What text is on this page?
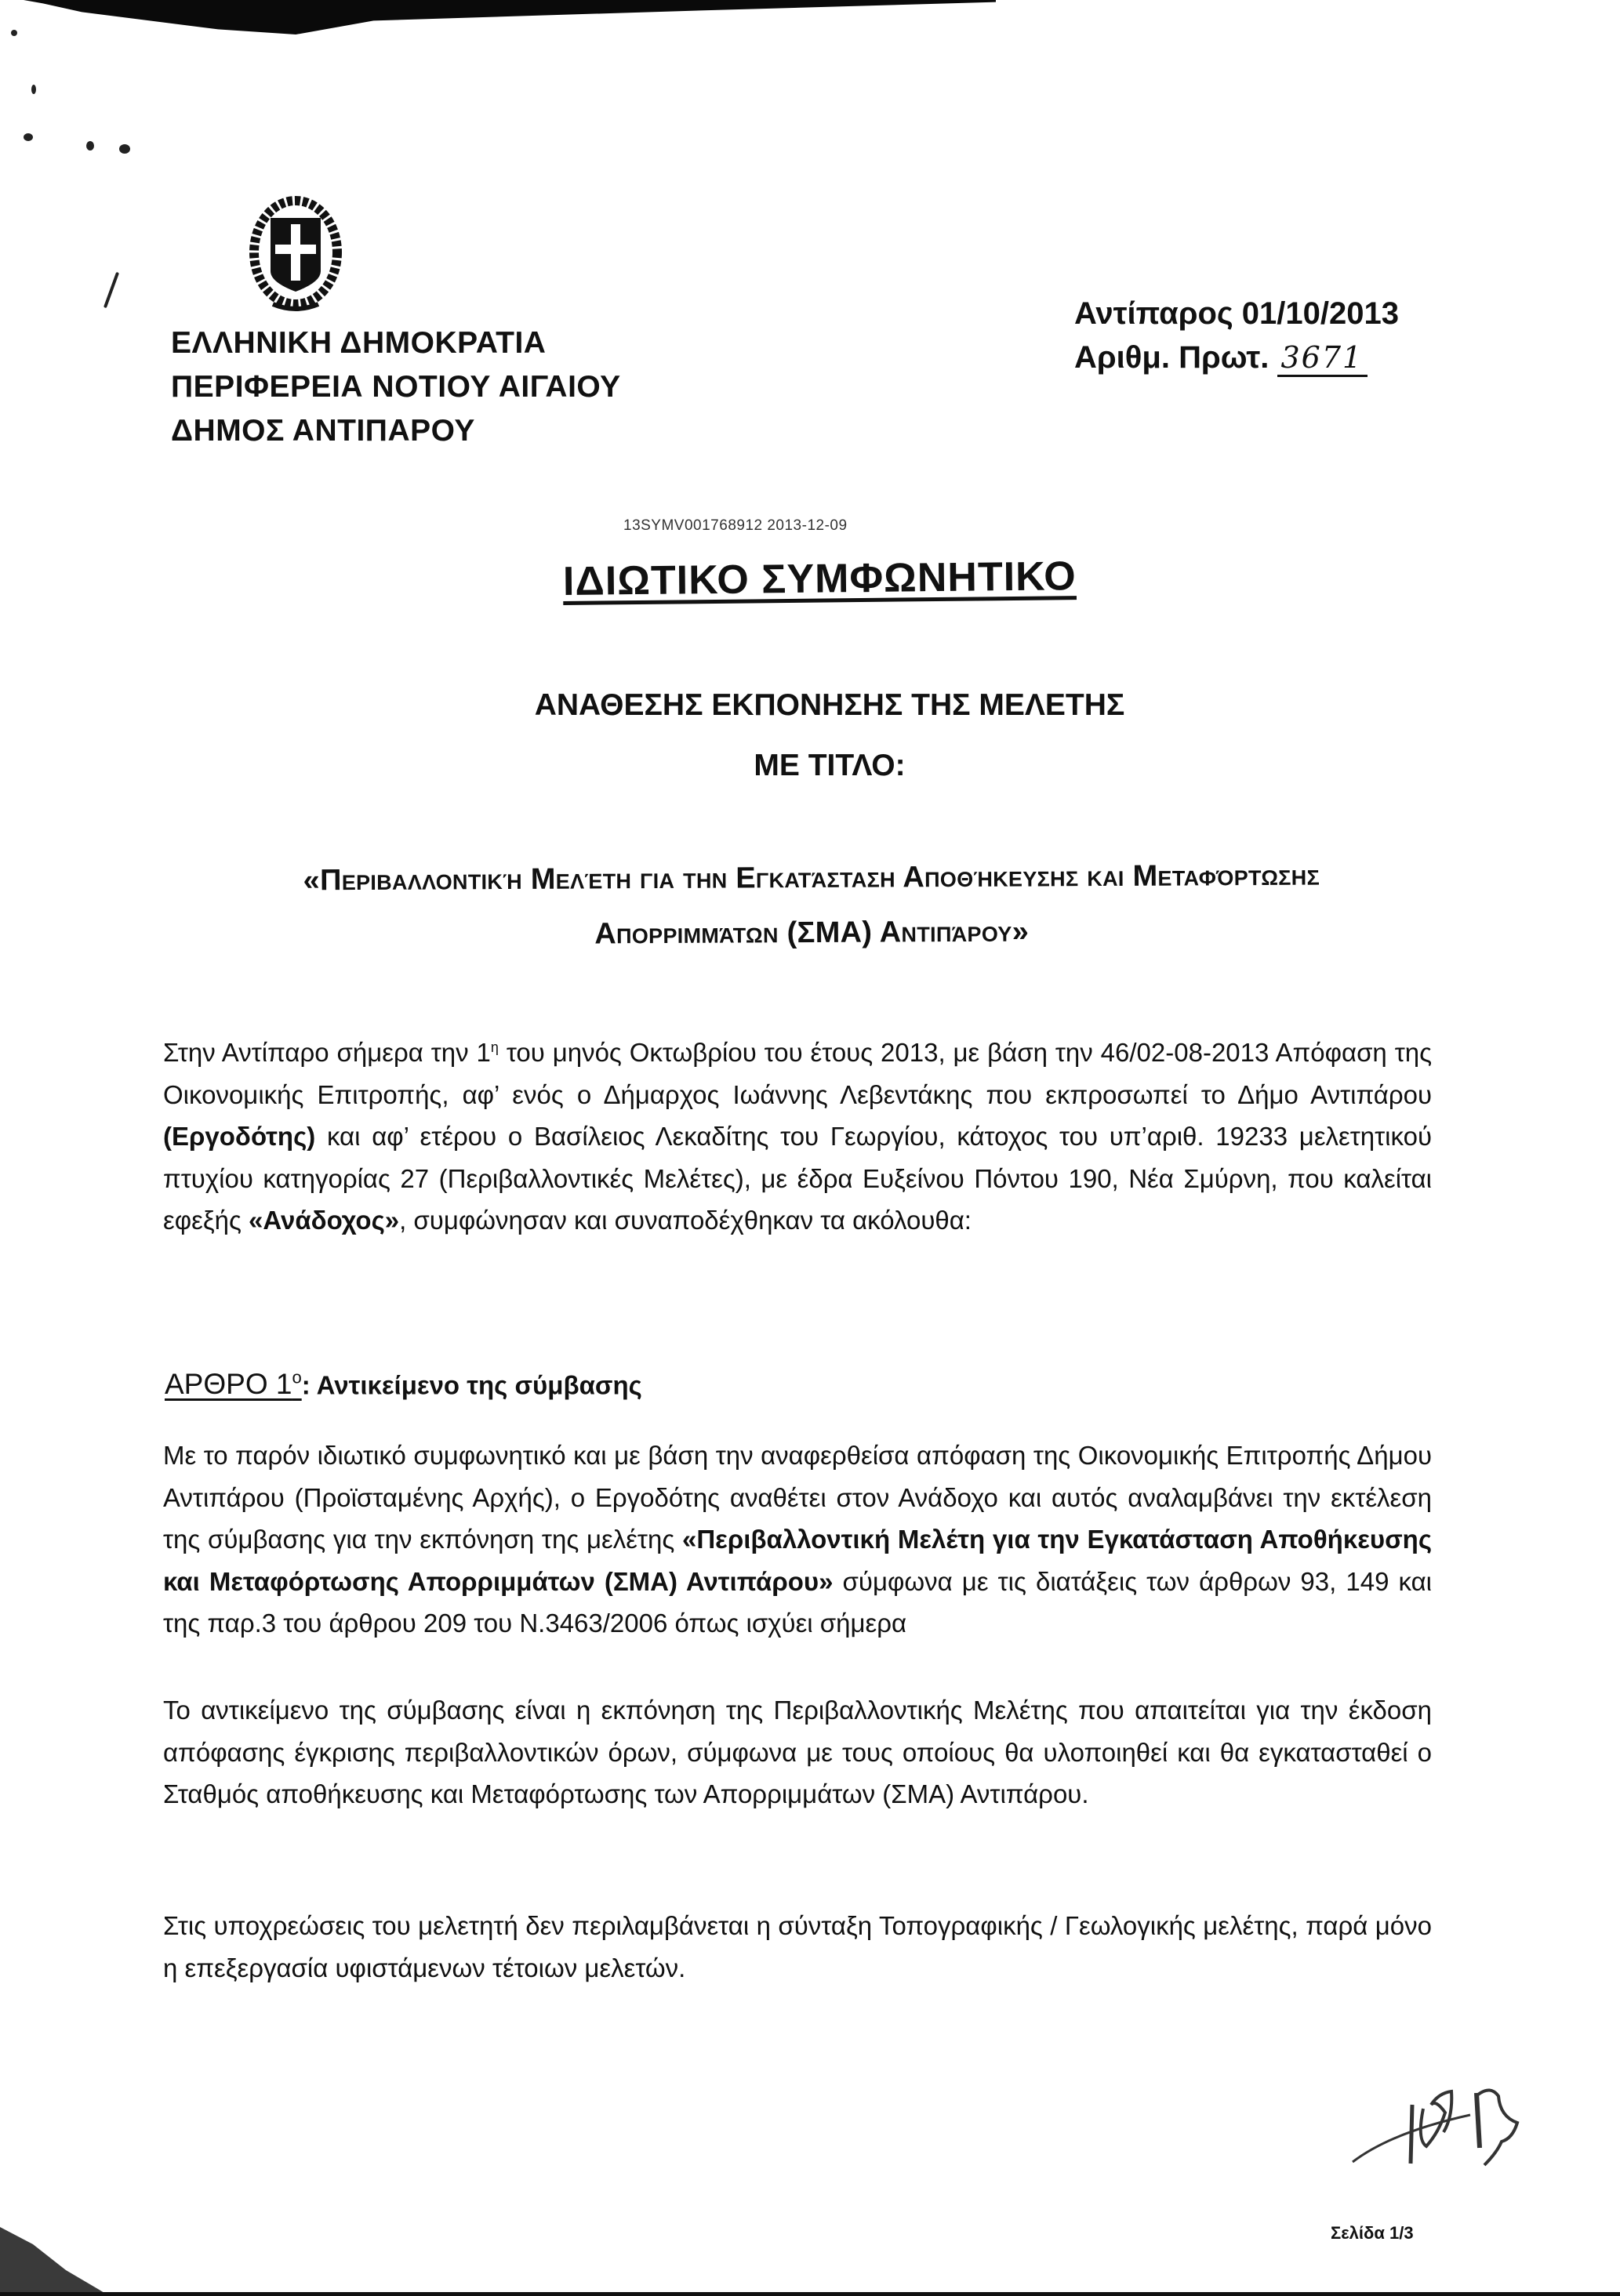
ΕΛΛΗΝΙΚΗ ΔΗΜΟΚΡΑΤΙΑ
ΠΕΡΙΦΕΡΕΙΑ ΝΟΤΙΟΥ ΑΙΓΑΙΟΥ
ΔΗΜΟΣ ΑΝΤΙΠΑΡΟΥ
Αντίπαρος 01/10/2013
Αριθμ. Πρωτ. 3671
13SYMV001768912 2013-12-09
ΙΔΙΩΤΙΚΟ ΣΥΜΦΩΝΗΤΙΚΟ
ΑΝΑΘΕΣΗΣ ΕΚΠΟΝΗΣΗΣ ΤΗΣ ΜΕΛΕΤΗΣ
ΜΕ ΤΙΤΛΟ:
«Περιβαλλοντική Μελέτη για την Εγκατάσταση Αποθήκευσης και Μεταφόρτωσης
Απορριμμάτων (ΣΜΑ) Αντιπάρου»
Στην Αντίπαρο σήμερα την $1^\eta$ του μηνός Οκτωβρίου του έτους 2013, με βάση την 46/02-08-2013 Απόφαση της Οικονομικής Επιτροπής, αφ’ ενός ο Δήμαρχος Ιωάννης Λεβεντάκης που εκπροσωπεί το Δήμο Αντιπάρου (Εργοδότης) και αφ’ ετέρου ο Βασίλειος Λεκαδίτης του Γεωργίου, κάτοχος του υπ’αριθ. 19233 μελετητικού πτυχίου κατηγορίας 27 (Περιβαλλοντικές Μελέτες), με έδρα Ευξείνου Πόντου 190, Νέα Σμύρνη, που καλείται εφεξής «Ανάδοχος», συμφώνησαν και συναποδέχθηκαν τα ακόλουθα:
ΑΡΘΡΟ $1^o$: Αντικείμενο της σύμβασης
Με το παρόν ιδιωτικό συμφωνητικό και με βάση την αναφερθείσα απόφαση της Οικονομικής Επιτροπής Δήμου Αντιπάρου (Προϊσταμένης Αρχής), ο Εργοδότης αναθέτει στον Ανάδοχο και αυτός αναλαμβάνει την εκτέλεση της σύμβασης για την εκπόνηση της μελέτης «Περιβαλλοντική Μελέτη για την Εγκατάσταση Αποθήκευσης και Μεταφόρτωσης Απορριμμάτων (ΣΜΑ) Αντιπάρου» σύμφωνα με τις διατάξεις των άρθρων 93, 149 και της παρ.3 του άρθρου 209 του Ν.3463/2006 όπως ισχύει σήμερα
Το αντικείμενο της σύμβασης είναι η εκπόνηση της Περιβαλλοντικής Μελέτης που απαιτείται για την έκδοση απόφασης έγκρισης περιβαλλοντικών όρων, σύμφωνα με τους οποίους θα υλοποιηθεί και θα εγκατασταθεί ο Σταθμός αποθήκευσης και Μεταφόρτωσης των Απορριμμάτων (ΣΜΑ) Αντιπάρου.
Στις υποχρεώσεις του μελετητή δεν περιλαμβάνεται η σύνταξη Τοπογραφικής / Γεωλογικής μελέτης, παρά μόνο η επεξεργασία υφιστάμενων τέτοιων μελετών.
Σελίδα 1/3
